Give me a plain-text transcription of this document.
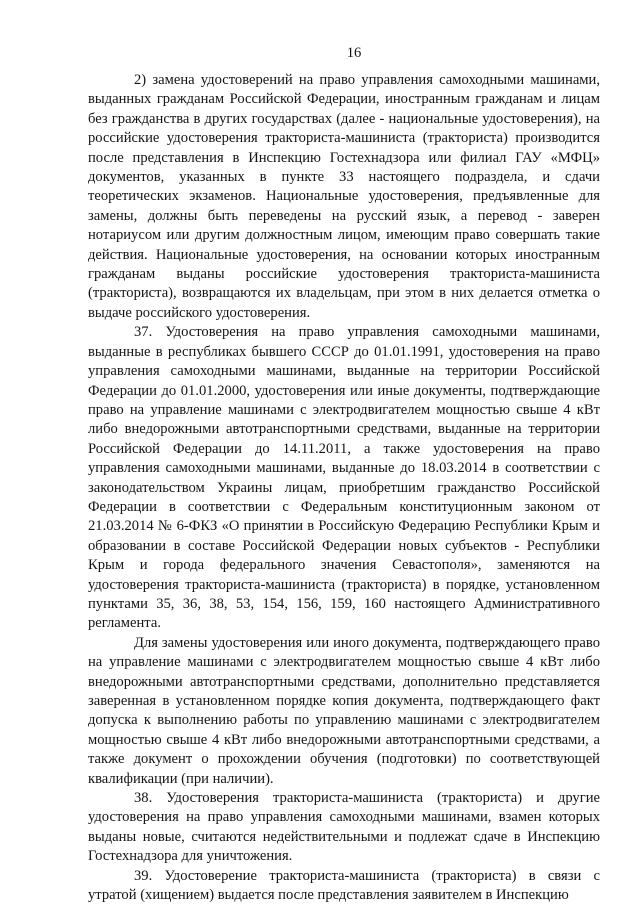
16

2) замена удостоверений на право управления самоходными машинами, выданных гражданам Российской Федерации, иностранным гражданам и лицам без гражданства в других государствах (далее - национальные удостоверения), на российские удостоверения тракториста-машиниста (тракториста) производится после представления в Инспекцию Гостехнадзора или филиал ГАУ «МФЦ» документов, указанных в пункте 33 настоящего подраздела, и сдачи теоретических экзаменов. Национальные удостоверения, предъявленные для замены, должны быть переведены на русский язык, а перевод - заверен нотариусом или другим должностным лицом, имеющим право совершать такие действия. Национальные удостоверения, на основании которых иностранным гражданам выданы российские удостоверения тракториста-машиниста (тракториста), возвращаются их владельцам, при этом в них делается отметка о выдаче российского удостоверения.

37. Удостоверения на право управления самоходными машинами, выданные в республиках бывшего СССР до 01.01.1991, удостоверения на право управления самоходными машинами, выданные на территории Российской Федерации до 01.01.2000, удостоверения или иные документы, подтверждающие право на управление машинами с электродвигателем мощностью свыше 4 кВт либо внедорожными автотранспортными средствами, выданные на территории Российской Федерации до 14.11.2011, а также удостоверения на право управления самоходными машинами, выданные до 18.03.2014 в соответствии с законодательством Украины лицам, приобретшим гражданство Российской Федерации в соответствии с Федеральным конституционным законом от 21.03.2014 № 6-ФКЗ «О принятии в Российскую Федерацию Республики Крым и образовании в составе Российской Федерации новых субъектов - Республики Крым и города федерального значения Севастополя», заменяются на удостоверения тракториста-машиниста (тракториста) в порядке, установленном пунктами 35, 36, 38, 53, 154, 156, 159, 160 настоящего Административного регламента.

Для замены удостоверения или иного документа, подтверждающего право на управление машинами с электродвигателем мощностью свыше 4 кВт либо внедорожными автотранспортными средствами, дополнительно представляется заверенная в установленном порядке копия документа, подтверждающего факт допуска к выполнению работы по управлению машинами с электродвигателем мощностью свыше 4 кВт либо внедорожными автотранспортными средствами, а также документ о прохождении обучения (подготовки) по соответствующей квалификации (при наличии).

38. Удостоверения тракториста-машиниста (тракториста) и другие удостоверения на право управления самоходными машинами, взамен которых выданы новые, считаются недействительными и подлежат сдаче в Инспекцию Гостехнадзора для уничтожения.

39. Удостоверение тракториста-машиниста (тракториста) в связи с утратой (хищением) выдается после представления заявителем в Инспекцию
